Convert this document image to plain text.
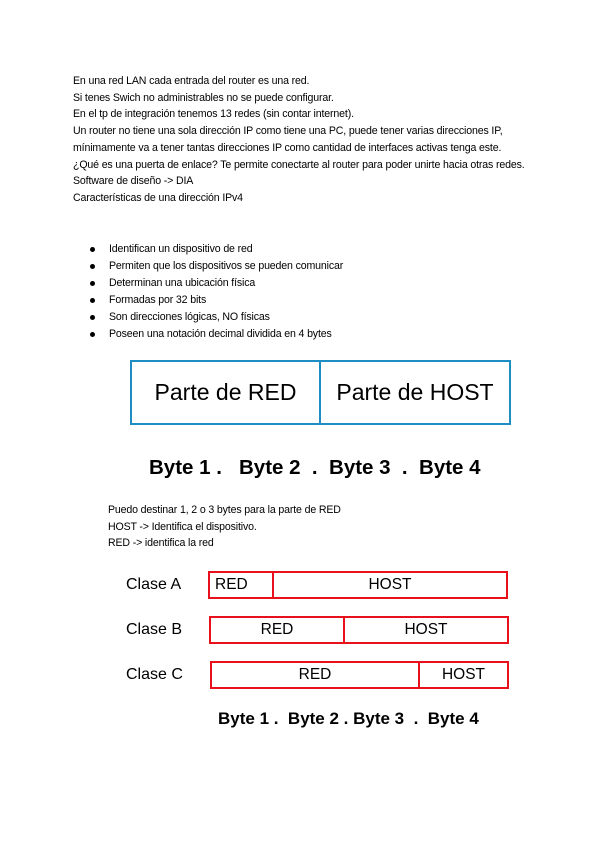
En una red LAN cada entrada del router es una red.

Si tenes Swich no administrables no se puede configurar.

En el tp de integración tenemos 13 redes (sin contar internet).

Un router no tiene una sola dirección IP como tiene una PC, puede tener varias direcciones IP, mínimamente va a tener tantas direcciones IP como cantidad de interfaces activas tenga este.

¿Qué es una puerta de enlace? Te permite conectarte al router para poder unirte hacia otras redes.

Software de diseño -> DIA

Características de una dirección IPv4

Identifican un dispositivo de red
Permiten que los dispositivos se pueden comunicar
Determinan una ubicación física
Formadas por 32 bits
Son direcciones lógicas, NO físicas
Poseen una notación decimal dividida en 4 bytes
Parte de RED	Parte de HOST
Byte 1 .   Byte 2  .  Byte 3  .  Byte 4

Puedo destinar 1, 2 o 3 bytes para la parte de RED

HOST -> Identifica el dispositivo.

RED -> identifica la red

Clase A	RED	HOST
Clase B	RED	HOST
Clase C	RED	HOST
Byte 1 .  Byte 2 . Byte 3  .  Byte 4
